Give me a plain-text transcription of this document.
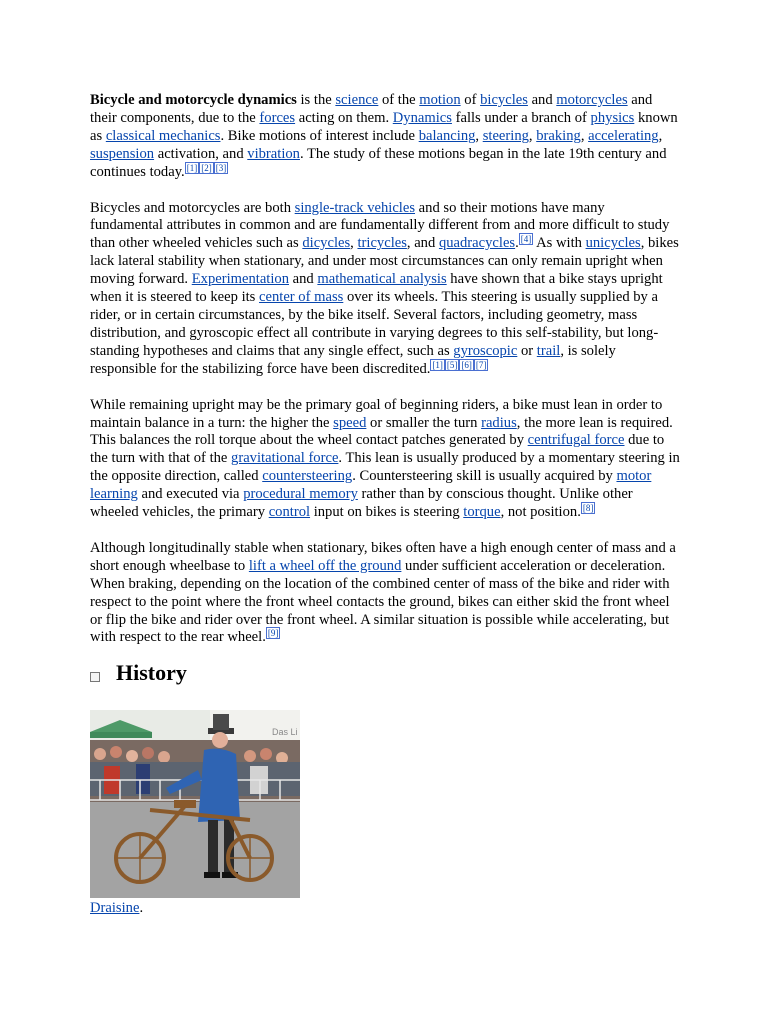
Bicycle and motorcycle dynamics is the science of the motion of bicycles and motorcycles and their components, due to the forces acting on them. Dynamics falls under a branch of physics known as classical mechanics. Bike motions of interest include balancing, steering, braking, accelerating, suspension activation, and vibration. The study of these motions began in the late 19th century and continues today. [1] [2] [3]

Bicycles and motorcycles are both single-track vehicles and so their motions have many fundamental attributes in common and are fundamentally different from and more difficult to study than other wheeled vehicles such as dicycles, tricycles, and quadracycles. [4] As with unicycles, bikes lack lateral stability when stationary, and under most circumstances can only remain upright when moving forward. Experimentation and mathematical analysis have shown that a bike stays upright when it is steered to keep its center of mass over its wheels. This steering is usually supplied by a rider, or in certain circumstances, by the bike itself. Several factors, including geometry, mass distribution, and gyroscopic effect all contribute in varying degrees to this self-stability, but long-standing hypotheses and claims that any single effect, such as gyroscopic or trail, is solely responsible for the stabilizing force have been discredited. [1] [5] [6] [7]

While remaining upright may be the primary goal of beginning riders, a bike must lean in order to maintain balance in a turn: the higher the speed or smaller the turn radius, the more lean is required. This balances the roll torque about the wheel contact patches generated by centrifugal force due to the turn with that of the gravitational force. This lean is usually produced by a momentary steering in the opposite direction, called countersteering. Countersteering skill is usually acquired by motor learning and executed via procedural memory rather than by conscious thought. Unlike other wheeled vehicles, the primary control input on bikes is steering torque, not position. [8]

Although longitudinally stable when stationary, bikes often have a high enough center of mass and a short enough wheelbase to lift a wheel off the ground under sufficient acceleration or deceleration. When braking, depending on the location of the combined center of mass of the bike and rider with respect to the point where the front wheel contacts the ground, bikes can either skid the front wheel or flip the bike and rider over the front wheel. A similar situation is possible while accelerating, but with respect to the rear wheel. [9]

History
Das Li
Draisine.
